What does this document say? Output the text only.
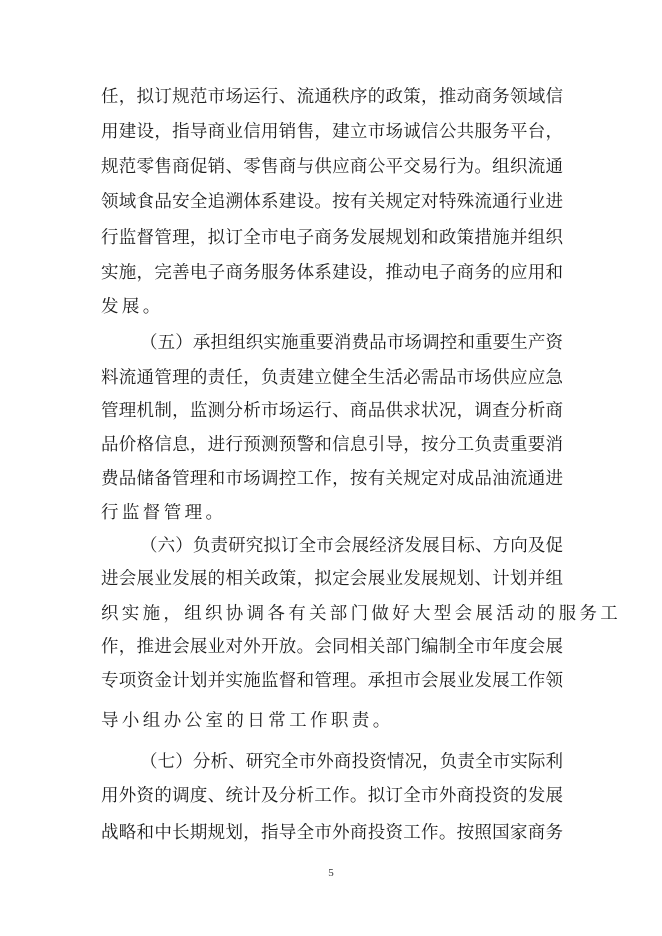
任，拟订规范市场运行、流通秩序的政策，推动商务领域信
用建设，指导商业信用销售，建立市场诚信公共服务平台，
规范零售商促销、零售商与供应商公平交易行为。组织流通
领域食品安全追溯体系建设。按有关规定对特殊流通行业进
行监督管理，拟订全市电子商务发展规划和政策措施并组织
实施，完善电子商务服务体系建设，推动电子商务的应用和
发展。
（五）承担组织实施重要消费品市场调控和重要生产资
料流通管理的责任，负责建立健全生活必需品市场供应应急
管理机制，监测分析市场运行、商品供求状况，调查分析商
品价格信息，进行预测预警和信息引导，按分工负责重要消
费品储备管理和市场调控工作，按有关规定对成品油流通进
行监督管理。
（六）负责研究拟订全市会展经济发展目标、方向及促
进会展业发展的相关政策，拟定会展业发展规划、计划并组
织实施，组织协调各有关部门做好大型会展活动的服务工
作，推进会展业对外开放。会同相关部门编制全市年度会展
专项资金计划并实施监督和管理。承担市会展业发展工作领
导小组办公室的日常工作职责。
（七）分析、研究全市外商投资情况，负责全市实际利
用外资的调度、统计及分析工作。拟订全市外商投资的发展
战略和中长期规划，指导全市外商投资工作。按照国家商务
5
